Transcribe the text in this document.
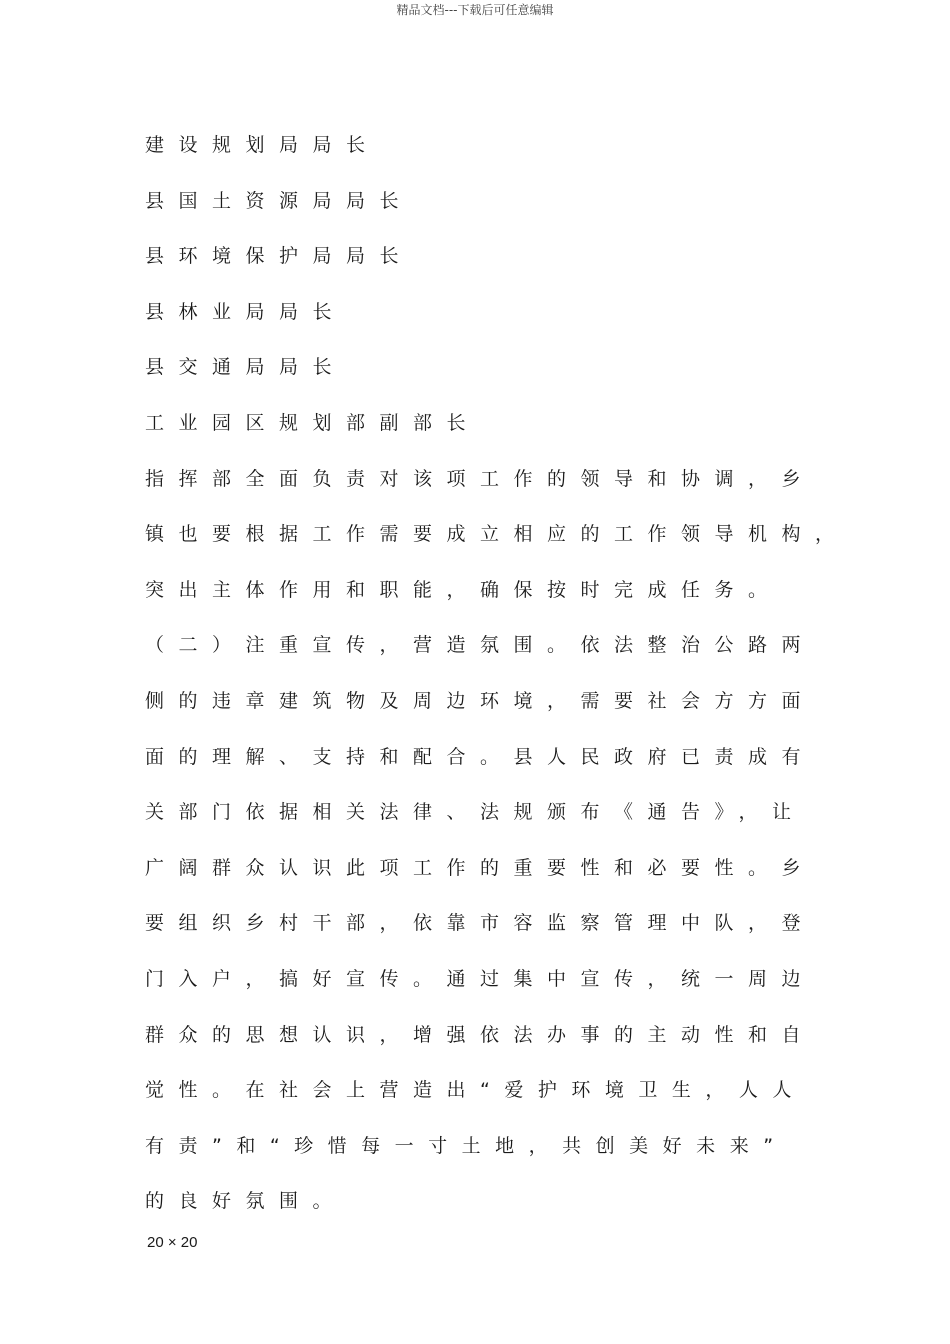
精品文档---下载后可任意编辑
建设规划局局长
县国土资源局局长
县环境保护局局长
县林业局局长
县交通局局长
工业园区规划部副部长
指挥部全面负责对该项工作的领导和协调，乡
镇也要根据工作需要成立相应的工作领导机构，
突出主体作用和职能，确保按时完成任务。
（二）注重宣传，营造氛围。依法整治公路两
侧的违章建筑物及周边环境，需要社会方方面
面的理解、支持和配合。县人民政府已责成有
关部门依据相关法律、法规颁布《通告》，让
广阔群众认识此项工作的重要性和必要性。乡
要组织乡村干部，依靠市容监察管理中队，登
门入户，搞好宣传。通过集中宣传，统一周边
群众的思想认识，增强依法办事的主动性和自
觉性。在社会上营造出“爱护环境卫生，人人
有责”和“珍惜每一寸土地，共创美好未来”
的良好氛围。
20 × 20
